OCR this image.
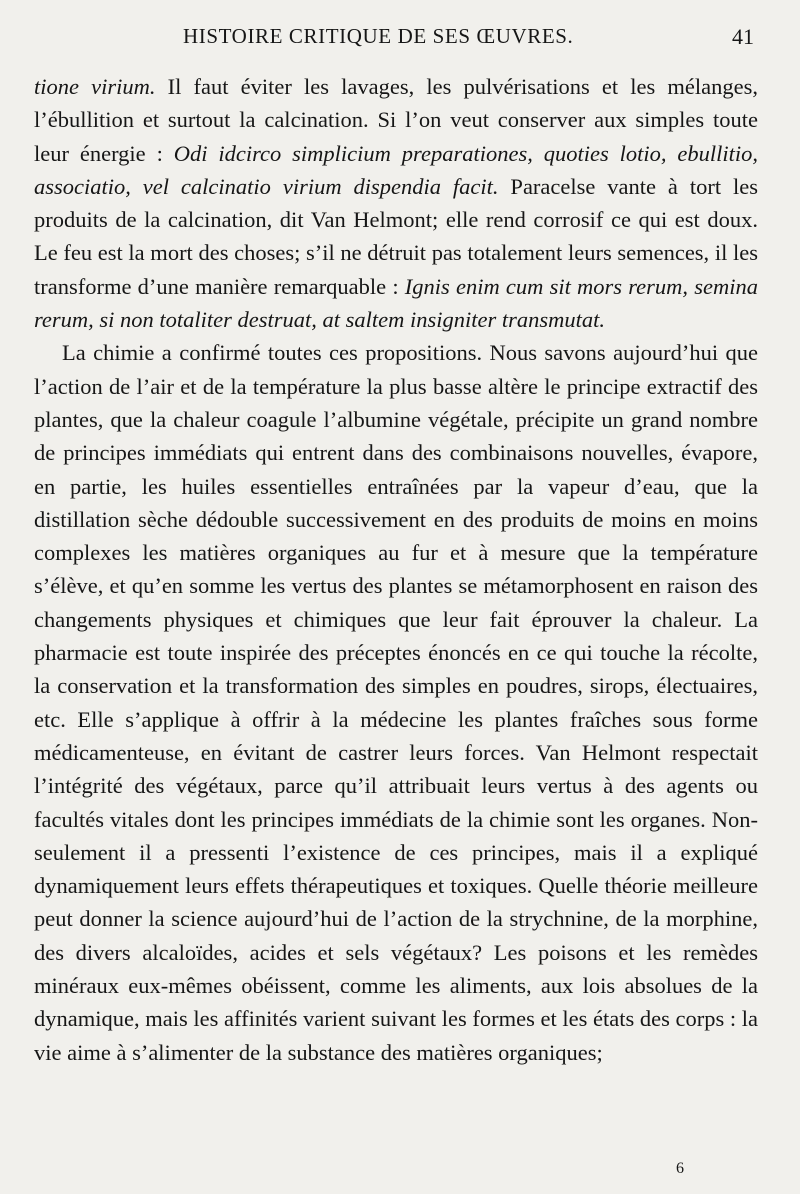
HISTOIRE CRITIQUE DE SES ŒUVRES.	41

tione virium. Il faut éviter les lavages, les pulvérisations et les mélanges, l’ébullition et surtout la calcination. Si l’on veut conserver aux simples toute leur énergie : Odi idcirco simplicium preparationes, quoties lotio, ebullitio, associatio, vel calcinatio virium dispendia facit. Paracelse vante à tort les produits de la calcination, dit Van Helmont; elle rend corrosif ce qui est doux. Le feu est la mort des choses; s’il ne détruit pas totalement leurs semences, il les transforme d’une manière remarquable : Ignis enim cum sit mors rerum, semina rerum, si non totaliter destruat, at saltem insigniter transmutat.

La chimie a confirmé toutes ces propositions. Nous savons aujourd’hui que l’action de l’air et de la température la plus basse altère le principe extractif des plantes, que la chaleur coagule l’albumine végétale, précipite un grand nombre de principes immédiats qui entrent dans des combinaisons nouvelles, évapore, en partie, les huiles essentielles entraînées par la vapeur d’eau, que la distillation sèche dédouble successivement en des produits de moins en moins complexes les matières organiques au fur et à mesure que la température s’élève, et qu’en somme les vertus des plantes se métamorphosent en raison des changements physiques et chimiques que leur fait éprouver la chaleur. La pharmacie est toute inspirée des préceptes énoncés en ce qui touche la récolte, la conservation et la transformation des simples en poudres, sirops, électuaires, etc. Elle s’applique à offrir à la médecine les plantes fraîches sous forme médicamenteuse, en évitant de castrer leurs forces. Van Helmont respectait l’intégrité des végétaux, parce qu’il attribuait leurs vertus à des agents ou facultés vitales dont les principes immédiats de la chimie sont les organes. Non-seulement il a pressenti l’existence de ces principes, mais il a expliqué dynamiquement leurs effets thérapeutiques et toxiques. Quelle théorie meilleure peut donner la science aujourd’hui de l’action de la strychnine, de la morphine, des divers alcaloïdes, acides et sels végétaux? Les poisons et les remèdes minéraux eux-mêmes obéissent, comme les aliments, aux lois absolues de la dynamique, mais les affinités varient suivant les formes et les états des corps : la vie aime à s’alimenter de la substance des matières organiques;

6
